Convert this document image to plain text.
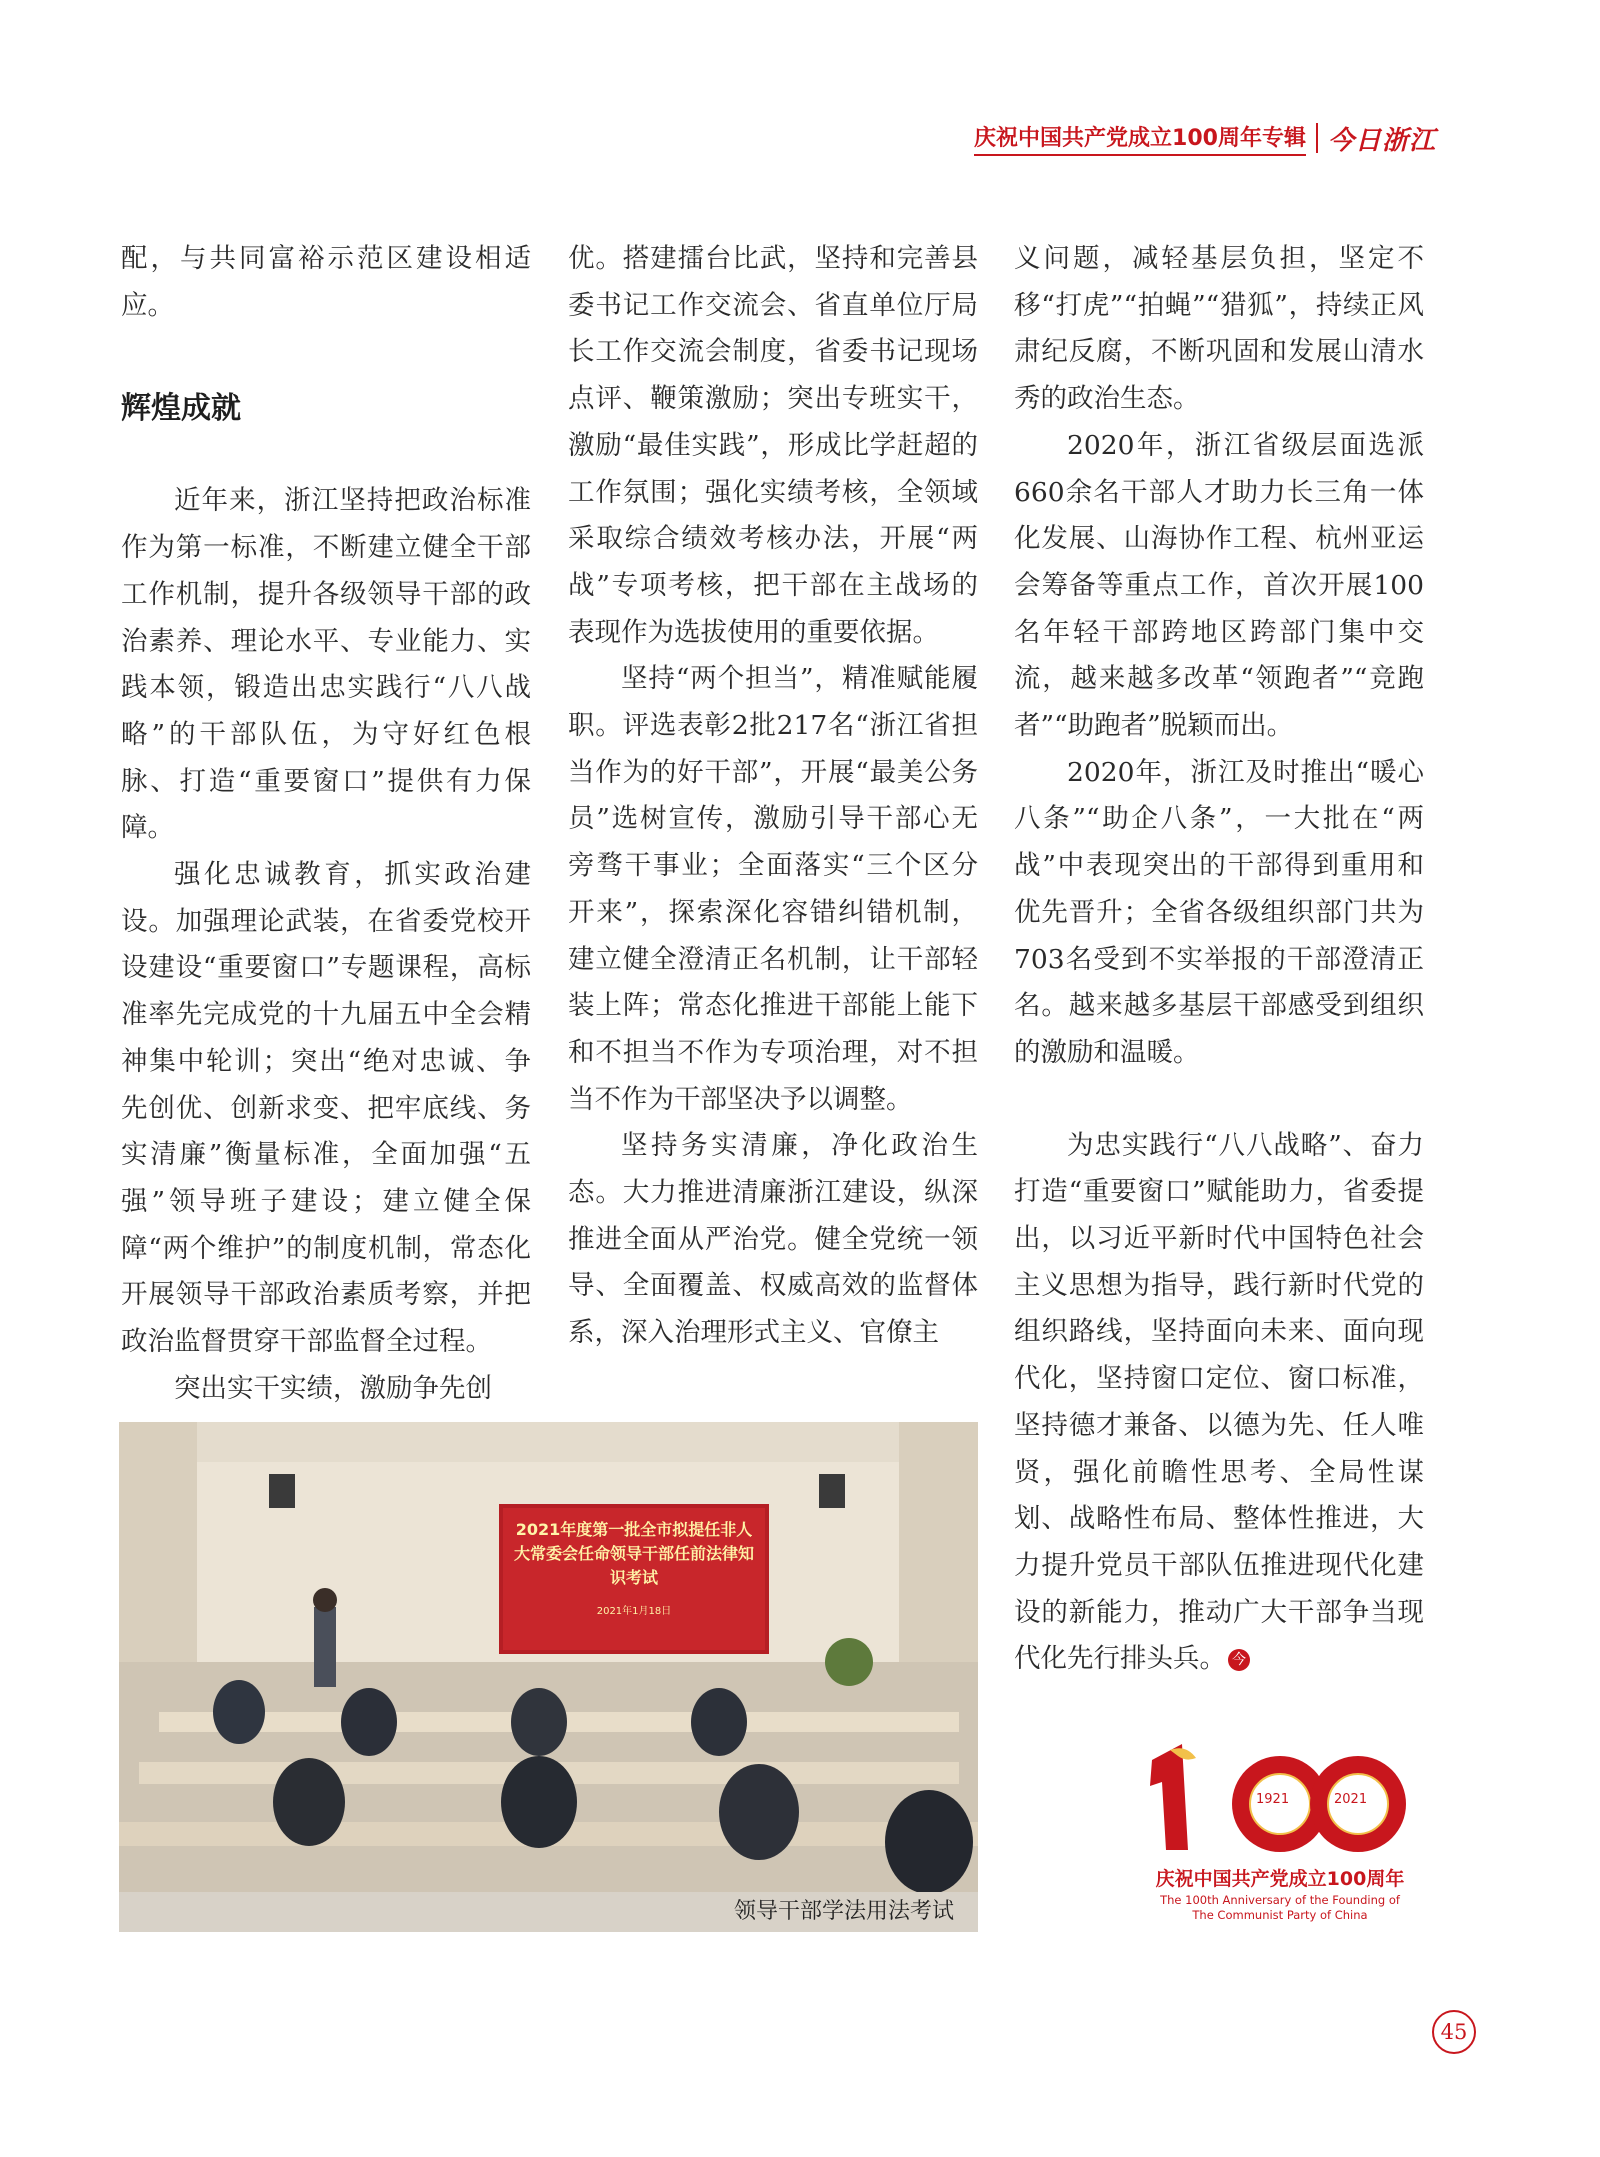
庆祝中国共产党成立100周年专辑 今日浙江

配，与共同富裕示范区建设相适应。

辉煌成就

近年来，浙江坚持把政治标准作为第一标准，不断建立健全干部工作机制，提升各级领导干部的政治素养、理论水平、专业能力、实践本领，锻造出忠实践行“八八战略”的干部队伍，为守好红色根脉、打造“重要窗口”提供有力保障。

强化忠诚教育，抓实政治建设。加强理论武装，在省委党校开设建设“重要窗口”专题课程，高标准率先完成党的十九届五中全会精神集中轮训；突出“绝对忠诚、争先创优、创新求变、把牢底线、务实清廉”衡量标准，全面加强“五强”领导班子建设；建立健全保障“两个维护”的制度机制，常态化开展领导干部政治素质考察，并把政治监督贯穿干部监督全过程。

突出实干实绩，激励争先创

优。搭建擂台比武，坚持和完善县委书记工作交流会、省直单位厅局长工作交流会制度，省委书记现场点评、鞭策激励；突出专班实干，激励“最佳实践”，形成比学赶超的工作氛围；强化实绩考核，全领域采取综合绩效考核办法，开展“两战”专项考核，把干部在主战场的表现作为选拔使用的重要依据。

坚持“两个担当”，精准赋能履职。评选表彰2批217名“浙江省担当作为的好干部”，开展“最美公务员”选树宣传，激励引导干部心无旁骛干事业；全面落实“三个区分开来”，探索深化容错纠错机制，建立健全澄清正名机制，让干部轻装上阵；常态化推进干部能上能下和不担当不作为专项治理，对不担当不作为干部坚决予以调整。

坚持务实清廉，净化政治生态。大力推进清廉浙江建设，纵深推进全面从严治党。健全党统一领导、全面覆盖、权威高效的监督体系，深入治理形式主义、官僚主

义问题，减轻基层负担，坚定不移“打虎”“拍蝇”“猎狐”，持续正风肃纪反腐，不断巩固和发展山清水秀的政治生态。

2020年，浙江省级层面选派660余名干部人才助力长三角一体化发展、山海协作工程、杭州亚运会筹备等重点工作，首次开展100名年轻干部跨地区跨部门集中交流，越来越多改革“领跑者”“竞跑者”“助跑者”脱颖而出。

2020年，浙江及时推出“暖心八条”“助企八条”，一大批在“两战”中表现突出的干部得到重用和优先晋升；全省各级组织部门共为703名受到不实举报的干部澄清正名。越来越多基层干部感受到组织的激励和温暖。

为忠实践行“八八战略”、奋力打造“重要窗口”赋能助力，省委提出，以习近平新时代中国特色社会主义思想为指导，践行新时代党的组织路线，坚持面向未来、面向现代化，坚持窗口定位、窗口标准，坚持德才兼备、以德为先、任人唯贤，强化前瞻性思考、全局性谋划、战略性布局、整体性推进，大力提升党员干部队伍推进现代化建设的新能力，推动广大干部争当现代化先行排头兵。 今

2021年度第一批全市拟提任非人大常委会任命领导干部任前法律知识考试
2021年1月18日
领导干部学法用法考试
1921	2021
庆祝中国共产党成立100周年
The 100th Anniversary of the Founding of
The Communist Party of China
45
